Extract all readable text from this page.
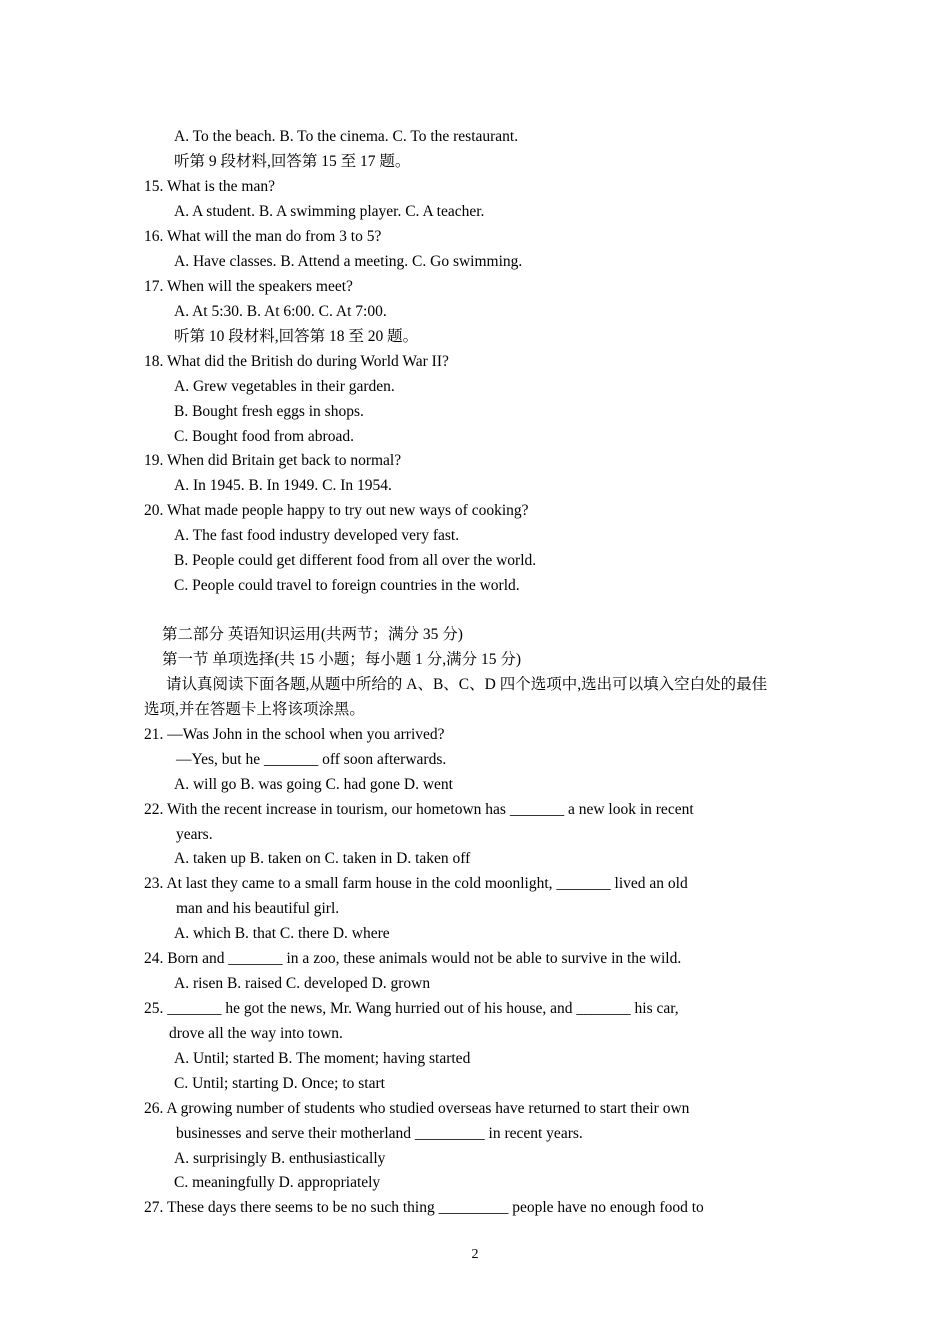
A. To the beach. B. To the cinema. C. To the restaurant.
听第 9 段材料,回答第 15 至 17 题。
15. What is the man?
A. A student. B. A swimming player. C. A teacher.
16. What will the man do from 3 to 5?
A. Have classes. B. Attend a meeting. C. Go swimming.
17. When will the speakers meet?
A. At 5:30. B. At 6:00. C. At 7:00.
听第 10 段材料,回答第 18 至 20 题。
18. What did the British do during World War II?
A. Grew vegetables in their garden.
B. Bought fresh eggs in shops.
C. Bought food from abroad.
19. When did Britain get back to normal?
A. In 1945. B. In 1949. C. In 1954.
20. What made people happy to try out new ways of cooking?
A. The fast food industry developed very fast.
B. People could get different food from all over the world.
C. People could travel to foreign countries in the world.
第二部分 英语知识运用(共两节；满分 35 分)
第一节 单项选择(共 15 小题；每小题 1 分,满分 15 分)
请认真阅读下面各题,从题中所给的 A、B、C、D 四个选项中,选出可以填入空白处的最佳
选项,并在答题卡上将该项涂黑。
21. —Was John in the school when you arrived?
—Yes, but he _______ off soon afterwards.
A. will go B. was going C. had gone D. went
22. With the recent increase in tourism, our hometown has _______ a new look in recent
years.
A. taken up B. taken on C. taken in D. taken off
23. At last they came to a small farm house in the cold moonlight, _______ lived an old
man and his beautiful girl.
A. which B. that C. there D. where
24. Born and _______ in a zoo, these animals would not be able to survive in the wild.
A. risen B. raised C. developed D. grown
25. _______ he got the news, Mr. Wang hurried out of his house, and _______ his car,
drove all the way into town.
A. Until; started B. The moment; having started
C. Until; starting D. Once; to start
26. A growing number of students who studied overseas have returned to start their own
businesses and serve their motherland _________ in recent years.
A. surprisingly B. enthusiastically
C. meaningfully D. appropriately
27. These days there seems to be no such thing _________ people have no enough food to
2
